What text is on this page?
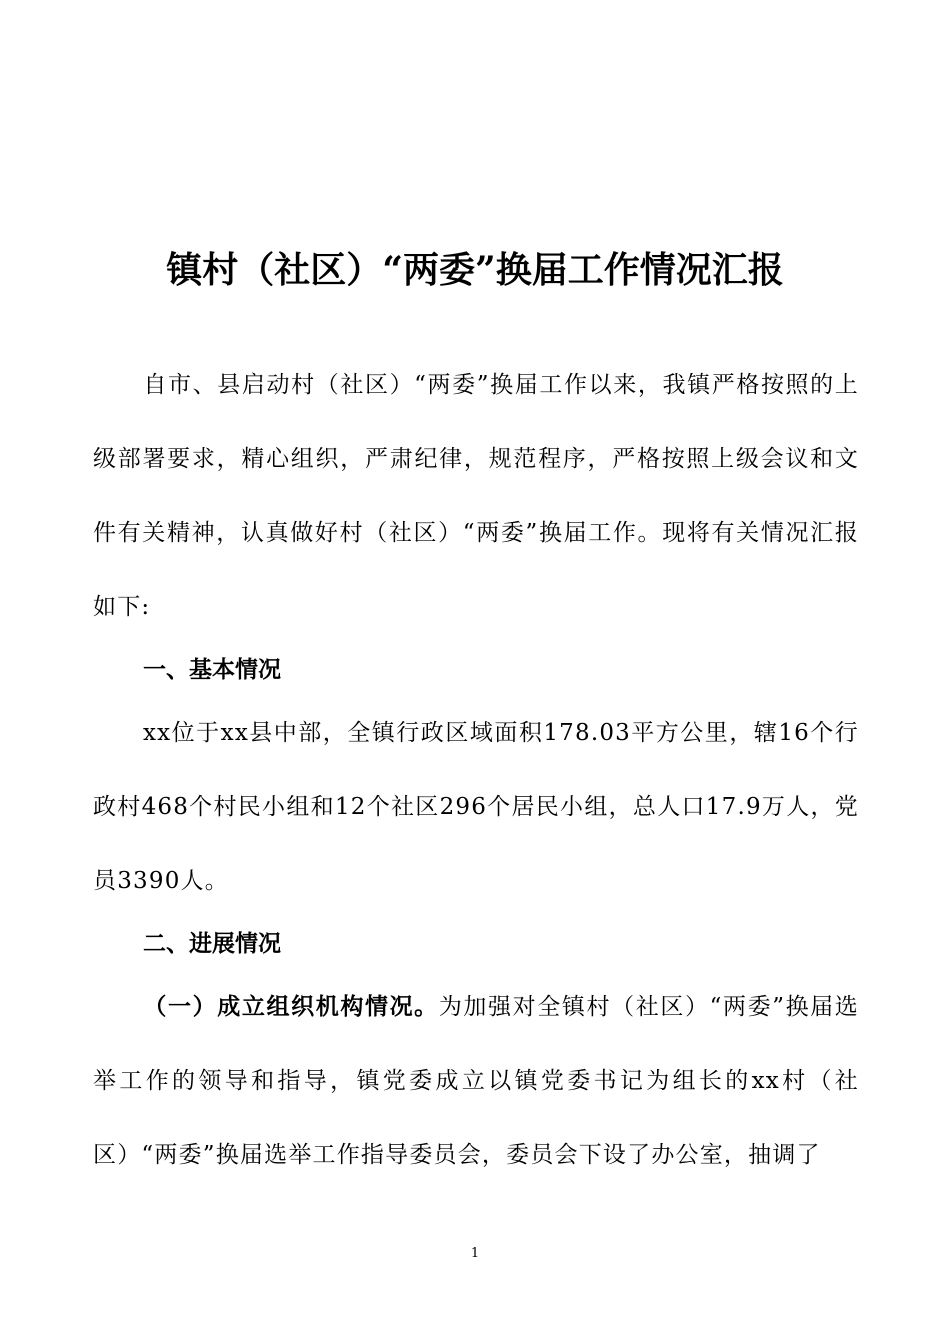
镇村（社区）“两委”换届工作情况汇报
自市、县启动村（社区）“两委”换届工作以来，我镇严格按照的上级部署要求，精心组织，严肃纪律，规范程序，严格按照上级会议和文件有关精神，认真做好村（社区）“两委”换届工作。现将有关情况汇报如下:
一、基本情况
xx位于xx县中部，全镇行政区域面积178.03平方公里，辖16个行政村468个村民小组和12个社区296个居民小组，总人口17.9万人，党员3390人。
二、进展情况
（一）成立组织机构情况。为加强对全镇村（社区）“两委”换届选举工作的领导和指导，镇党委成立以镇党委书记为组长的xx村（社区）“两委”换届选举工作指导委员会，委员会下设了办公室，抽调了
1
